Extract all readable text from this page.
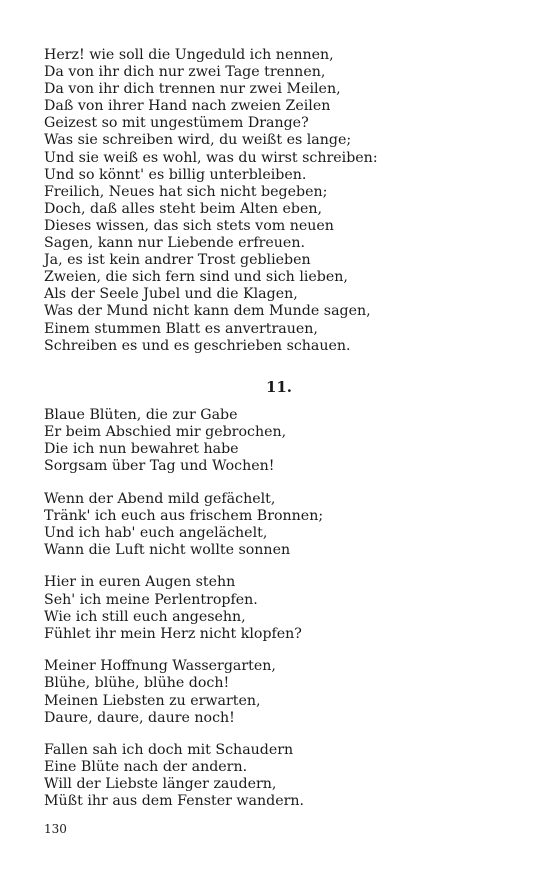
Herz! wie soll die Ungeduld ich nennen,
Da von ihr dich nur zwei Tage trennen,
Da von ihr dich trennen nur zwei Meilen,
Daß von ihrer Hand nach zweien Zeilen
Geizest so mit ungestümem Drange?
Was sie schreiben wird, du weißt es lange;
Und sie weiß es wohl, was du wirst schreiben:
Und so könnt' es billig unterbleiben.
Freilich, Neues hat sich nicht begeben;
Doch, daß alles steht beim Alten eben,
Dieses wissen, das sich stets vom neuen
Sagen, kann nur Liebende erfreuen.
Ja, es ist kein andrer Trost geblieben
Zweien, die sich fern sind und sich lieben,
Als der Seele Jubel und die Klagen,
Was der Mund nicht kann dem Munde sagen,
Einem stummen Blatt es anvertrauen,
Schreiben es und es geschrieben schauen.
11.
Blaue Blüten, die zur Gabe
Er beim Abschied mir gebrochen,
Die ich nun bewahret habe
Sorgsam über Tag und Wochen!
Wenn der Abend mild gefächelt,
Tränk' ich euch aus frischem Bronnen;
Und ich hab' euch angelächelt,
Wann die Luft nicht wollte sonnen
Hier in euren Augen stehn
Seh' ich meine Perlentropfen.
Wie ich still euch angesehn,
Fühlet ihr mein Herz nicht klopfen?
Meiner Hoffnung Wassergarten,
Blühe, blühe, blühe doch!
Meinen Liebsten zu erwarten,
Daure, daure, daure noch!
Fallen sah ich doch mit Schaudern
Eine Blüte nach der andern.
Will der Liebste länger zaudern,
Müßt ihr aus dem Fenster wandern.
130
